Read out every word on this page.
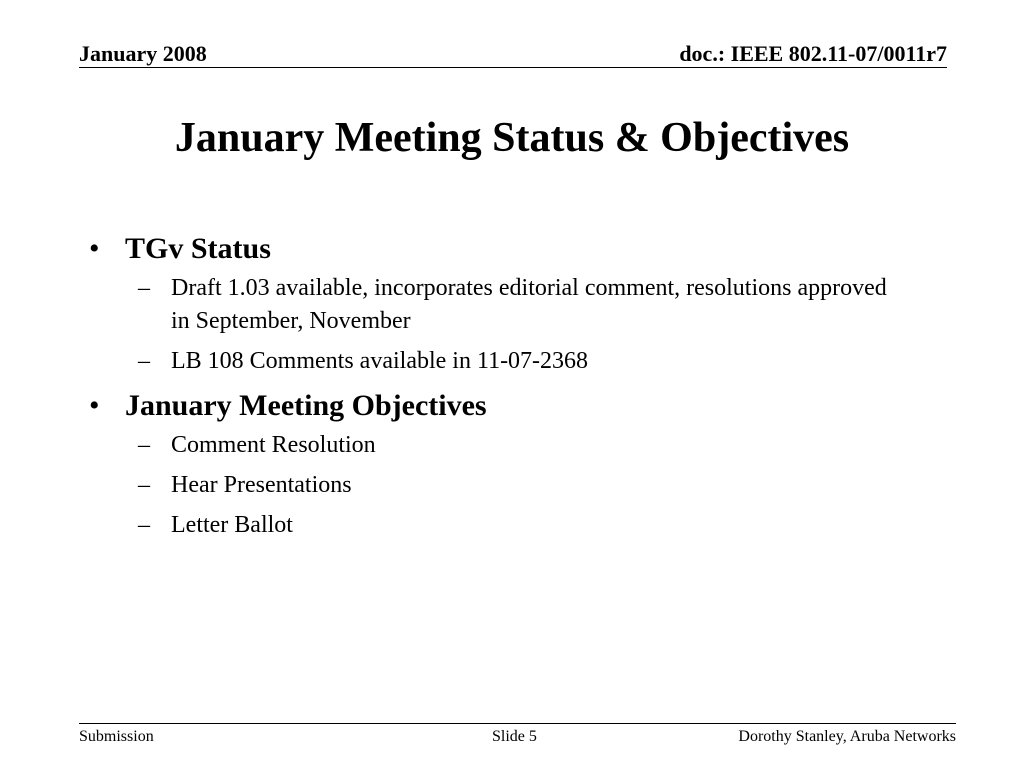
January 2008	doc.: IEEE 802.11-07/0011r7
January Meeting Status & Objectives
• TGv Status
– Draft 1.03 available, incorporates editorial comment, resolutions approved in September, November
– LB 108 Comments available in 11-07-2368
• January Meeting Objectives
– Comment Resolution
– Hear Presentations
– Letter Ballot
Submission	Slide 5	Dorothy Stanley, Aruba Networks
